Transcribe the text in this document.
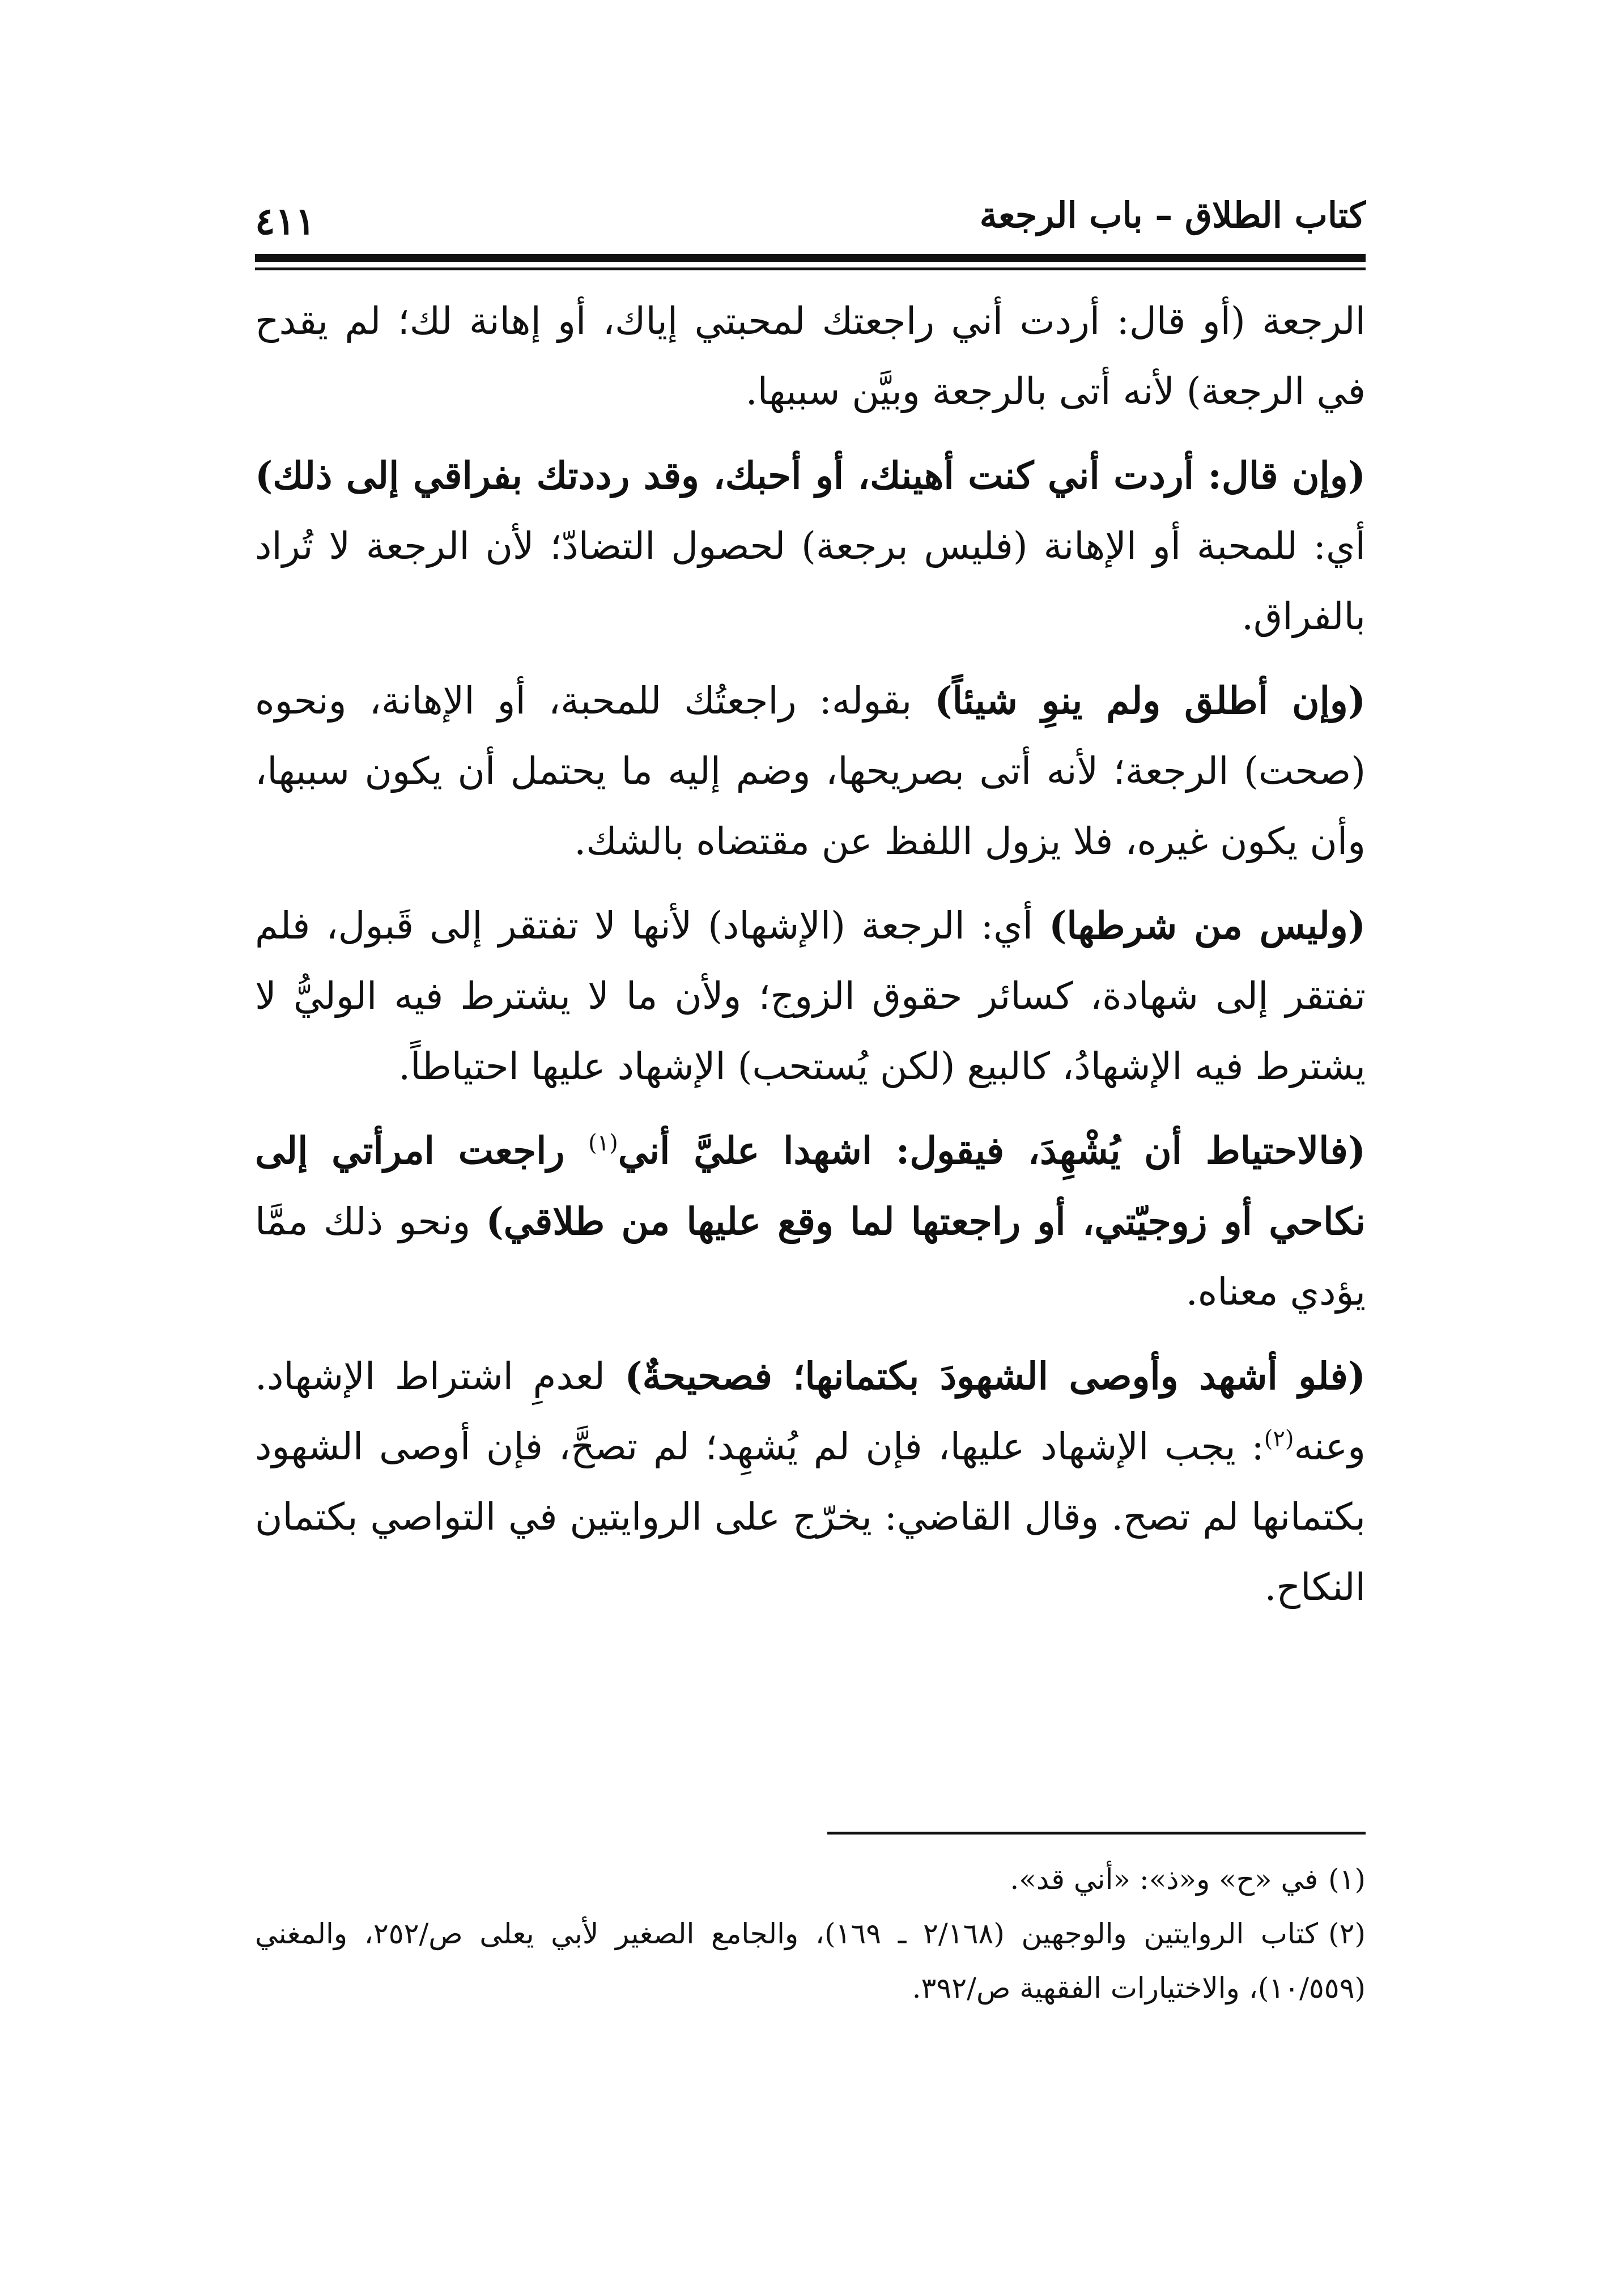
كتاب الطلاق – باب الرجعة
٤١١

الرجعة (أو قال: أردت أني راجعتك لمحبتي إياك، أو إهانة لك؛ لم يقدح في الرجعة) لأنه أتى بالرجعة وبيَّن سببها.

(وإن قال: أردت أني كنت أهينك، أو أحبك، وقد رددتك بفراقي إلى ذلك) أي: للمحبة أو الإهانة (فليس برجعة) لحصول التضادّ؛ لأن الرجعة لا تُراد بالفراق.

(وإن أطلق ولم ينوِ شيئاً) بقوله: راجعتُك للمحبة، أو الإهانة، ونحوه (صحت) الرجعة؛ لأنه أتى بصريحها، وضم إليه ما يحتمل أن يكون سببها، وأن يكون غيره، فلا يزول اللفظ عن مقتضاه بالشك.

(وليس من شرطها) أي: الرجعة (الإشهاد) لأنها لا تفتقر إلى قَبول، فلم تفتقر إلى شهادة، كسائر حقوق الزوج؛ ولأن ما لا يشترط فيه الوليُّ لا يشترط فيه الإشهادُ، كالبيع (لكن يُستحب) الإشهاد عليها احتياطاً.

(فالاحتياط أن يُشْهِدَ، فيقول: اشهدا عليَّ أني$^{(١)}$ راجعت امرأتي إلى نكاحي أو زوجيّتي، أو راجعتها لما وقع عليها من طلاقي) ونحو ذلك ممَّا يؤدي معناه.

(فلو أشهد وأوصى الشهودَ بكتمانها؛ فصحيحةٌ) لعدمِ اشتراط الإشهاد. وعنه$^{(٢)}$: يجب الإشهاد عليها، فإن لم يُشهِد؛ لم تصحَّ، فإن أوصى الشهود بكتمانها لم تصح. وقال القاضي: يخرّج على الروايتين في التواصي بكتمان النكاح.

(١)في «ح» و«ذ»: «أني قد».

(٢)كتاب الروايتين والوجهين (٢/١٦٨ ـ ١٦٩)، والجامع الصغير لأبي يعلى ص/٢٥٢، والمغني (١٠/٥٥٩)، والاختيارات الفقهية ص/٣٩٢.
